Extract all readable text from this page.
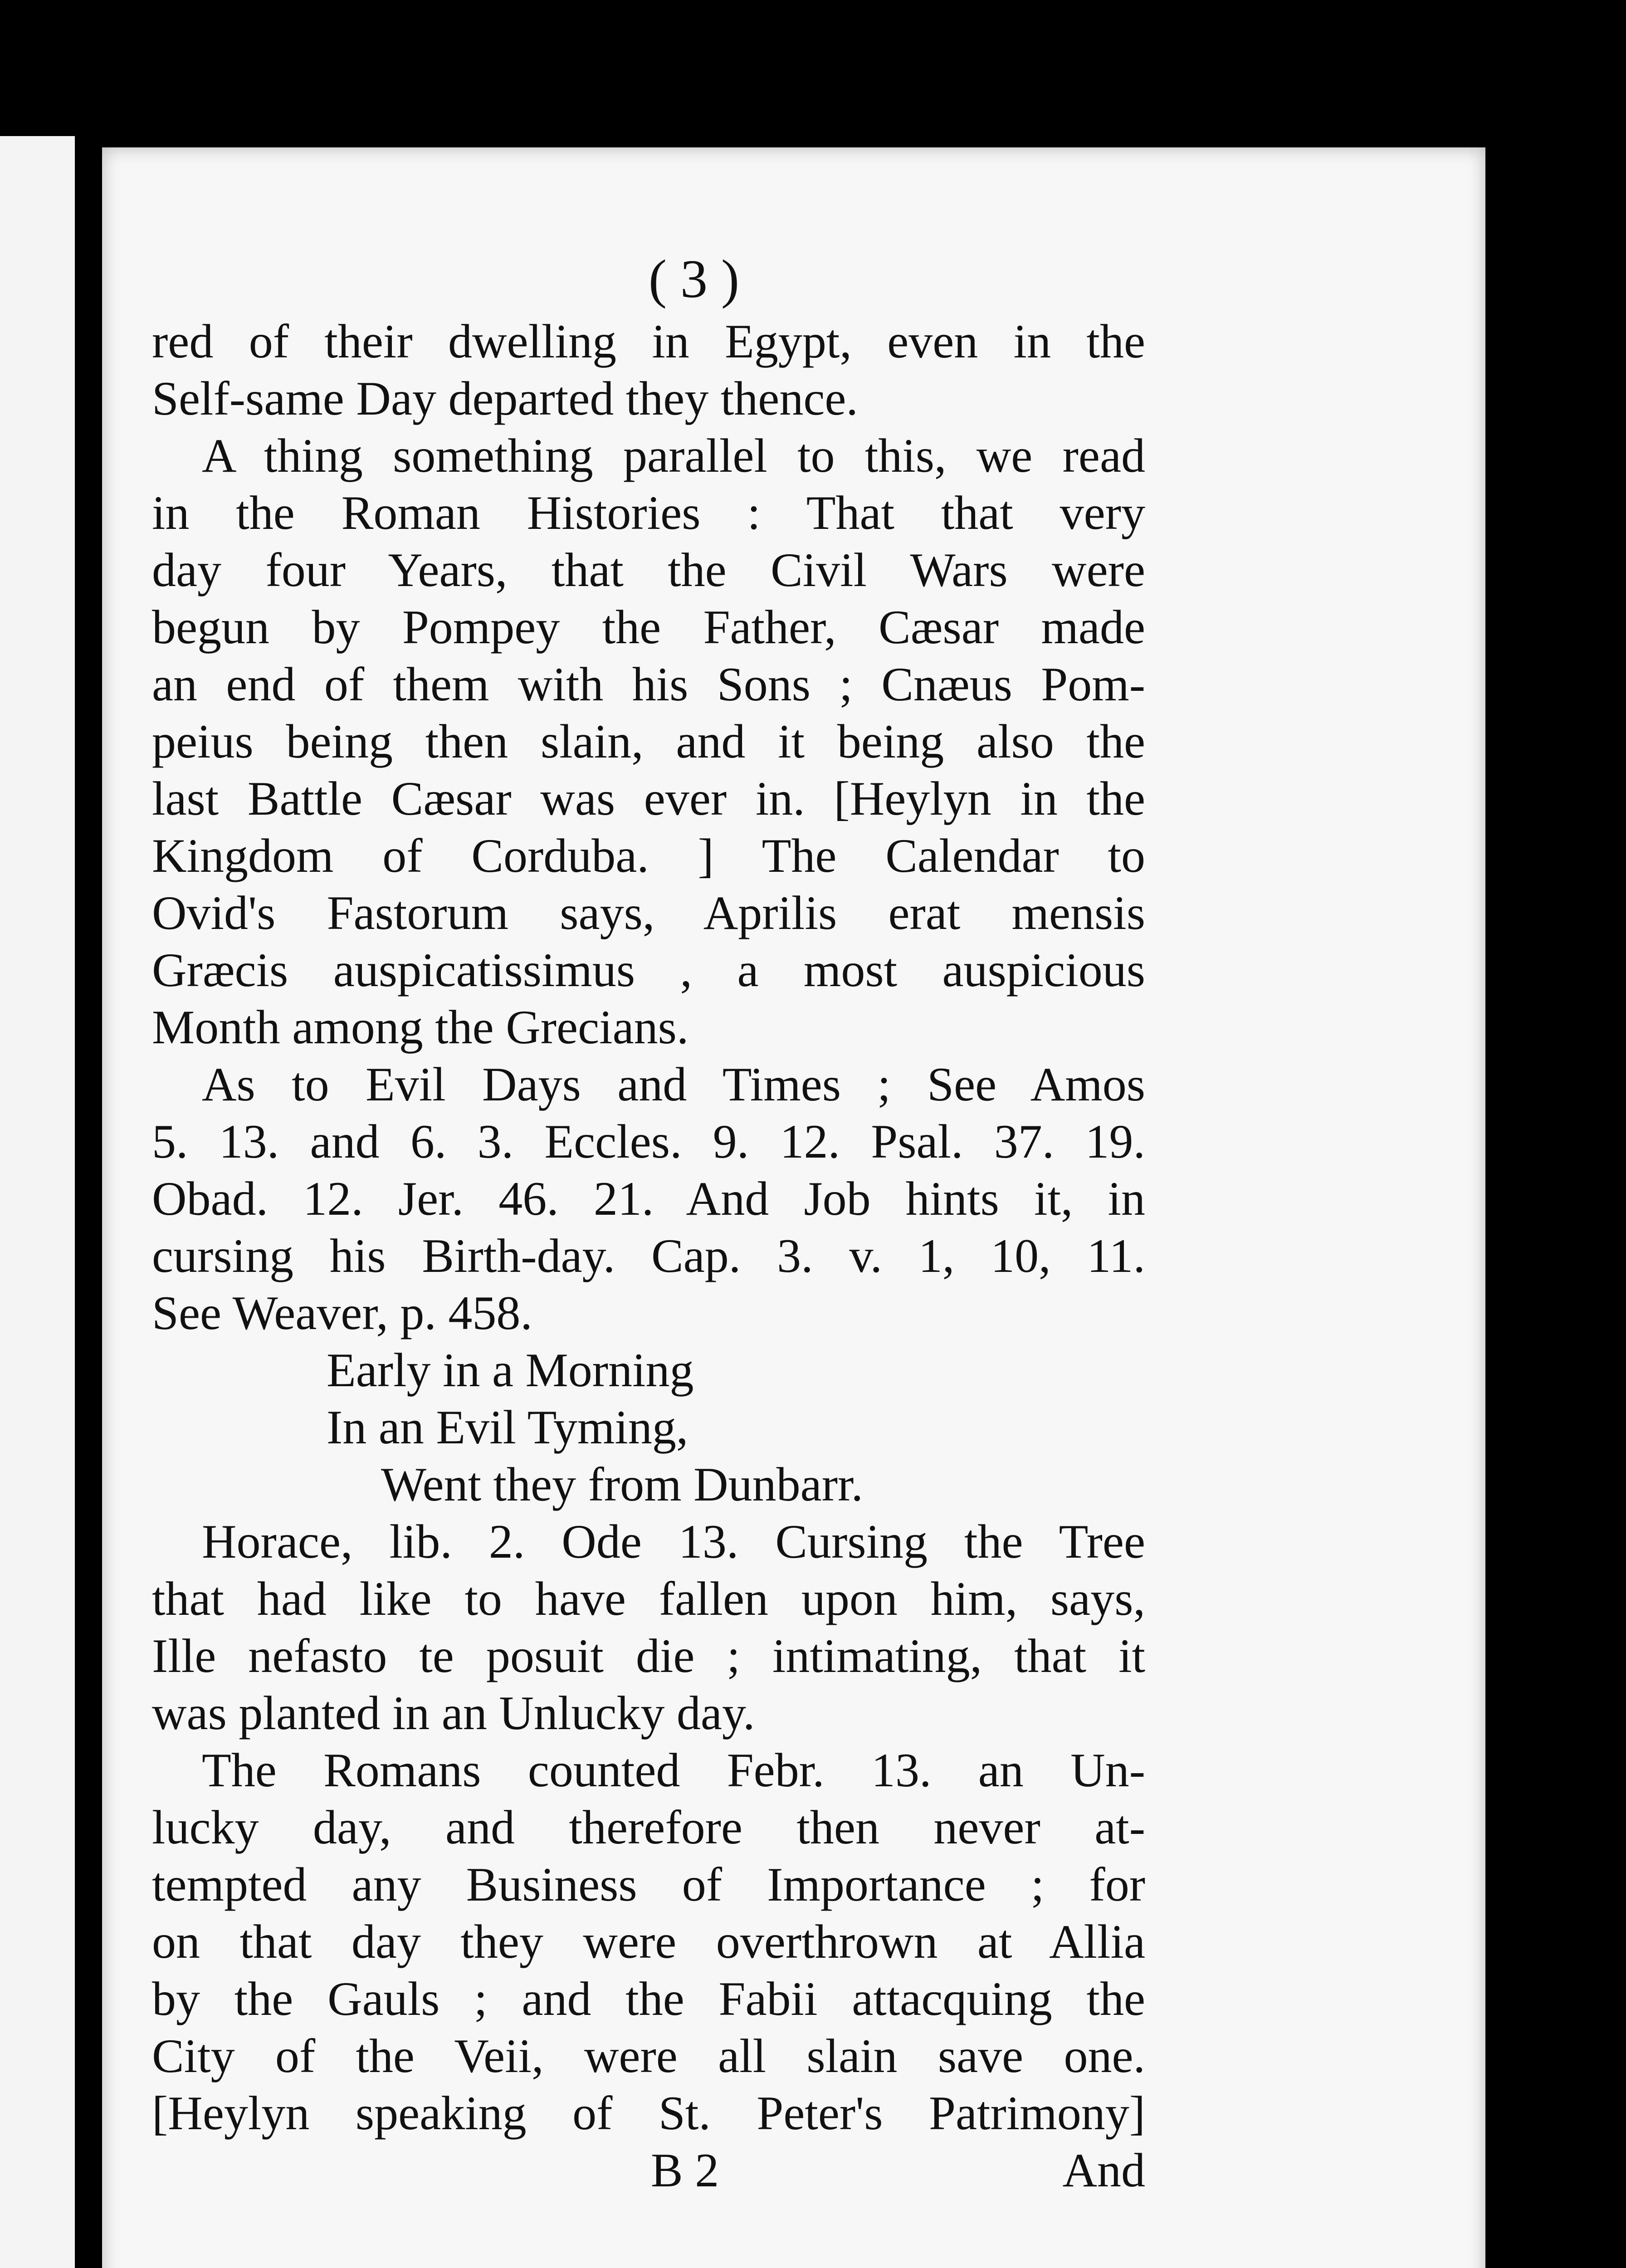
( 3 )
red of their dwelling in Egypt, even in the
Self-same Day departed they thence.
A thing something parallel to this, we read
in the Roman Histories : That that very
day four Years, that the Civil Wars were
begun by Pompey the Father, Cæsar made
an end of them with his Sons ; Cnæus Pom-
peius being then slain, and it being also the
last Battle Cæsar was ever in. [Heylyn in the
Kingdom of Corduba. ] The Calendar to
Ovid's Fastorum says, Aprilis erat mensis
Græcis auspicatissimus , a most auspicious
Month among the Grecians.
As to Evil Days and Times ; See Amos
5. 13. and 6. 3. Eccles. 9. 12. Psal. 37. 19.
Obad. 12. Jer. 46. 21. And Job hints it, in
cursing his Birth-day. Cap. 3. v. 1, 10, 11.
See Weaver, p. 458.
Early in a Morning
In an Evil Tyming,
Went they from Dunbarr.
Horace, lib. 2. Ode 13. Cursing the Tree
that had like to have fallen upon him, says,
Ille nefasto te posuit die ; intimating, that it
was planted in an Unlucky day.
The Romans counted Febr. 13. an Un-
lucky day, and therefore then never at-
tempted any Business of Importance ; for
on that day they were overthrown at Allia
by the Gauls ; and the Fabii attacquing the
City of the Veii, were all slain save one.
[Heylyn speaking of St. Peter's Patrimony]
B 2	And
